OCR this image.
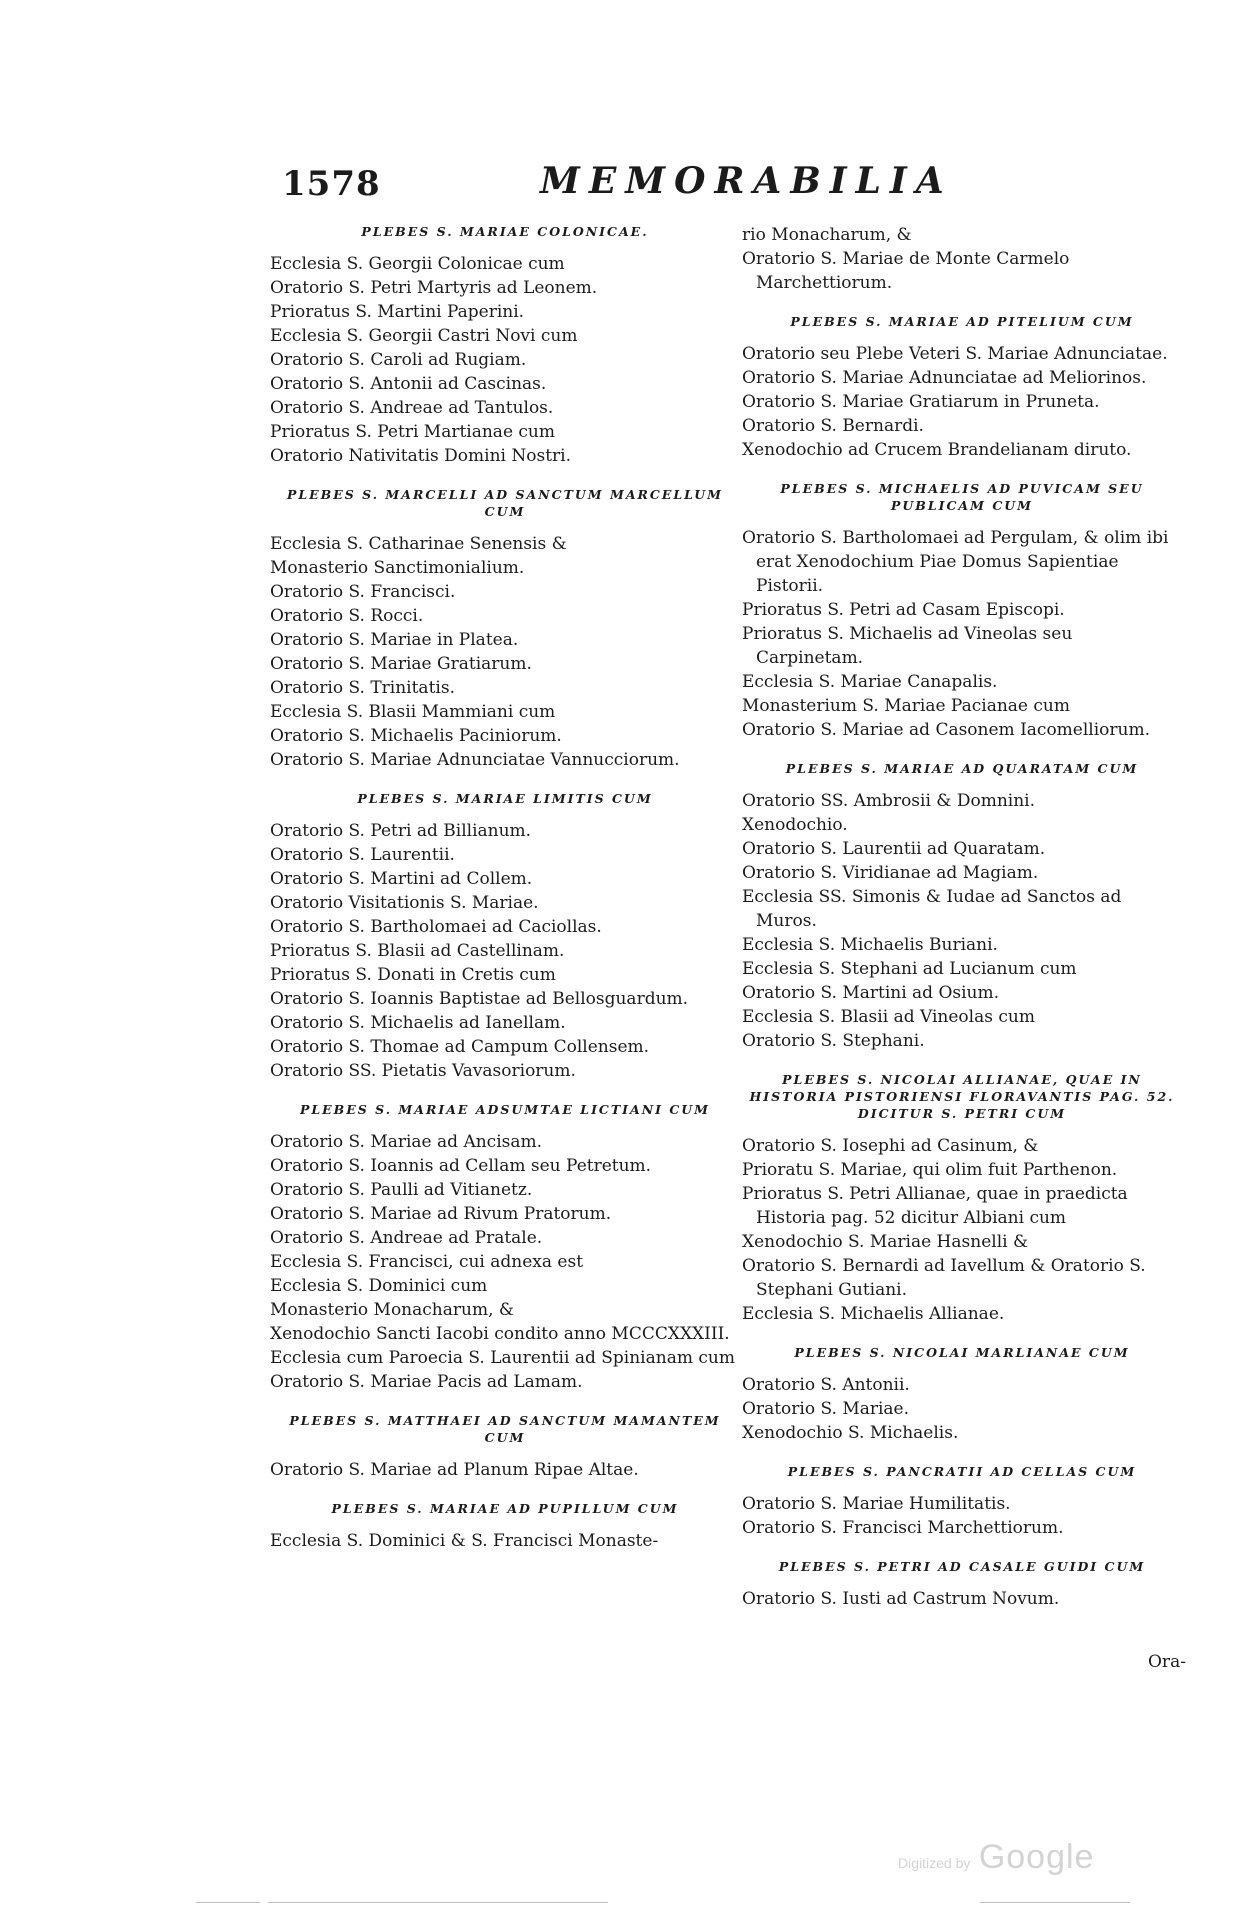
1578	MEMORABILIA
PLEBES S. MARIAE COLONICAE.
Ecclesia S. Georgii Colonicae cum
Oratorio S. Petri Martyris ad Leonem.
Prioratus S. Martini Paperini.
Ecclesia S. Georgii Castri Novi cum
Oratorio S. Caroli ad Rugiam.
Oratorio S. Antonii ad Cascinas.
Oratorio S. Andreae ad Tantulos.
Prioratus S. Petri Martianae cum
Oratorio Nativitatis Domini Nostri.
PLEBES S. MARCELLI AD SANCTUM MARCELLUM CUM
Ecclesia S. Catharinae Senensis &
Monasterio Sanctimonialium.
Oratorio S. Francisci.
Oratorio S. Rocci.
Oratorio S. Mariae in Platea.
Oratorio S. Mariae Gratiarum.
Oratorio S. Trinitatis.
Ecclesia S. Blasii Mammiani cum
Oratorio S. Michaelis Paciniorum.
Oratorio S. Mariae Adnunciatae Vannucciorum.
PLEBES S. MARIAE LIMITIS CUM
Oratorio S. Petri ad Billianum.
Oratorio S. Laurentii.
Oratorio S. Martini ad Collem.
Oratorio Visitationis S. Mariae.
Oratorio S. Bartholomaei ad Caciollas.
Prioratus S. Blasii ad Castellinam.
Prioratus S. Donati in Cretis cum
Oratorio S. Ioannis Baptistae ad Bellosguardum.
Oratorio S. Michaelis ad Ianellam.
Oratorio S. Thomae ad Campum Collensem.
Oratorio SS. Pietatis Vavasoriorum.
PLEBES S. MARIAE ADSUMTAE LICTIANI CUM
Oratorio S. Mariae ad Ancisam.
Oratorio S. Ioannis ad Cellam seu Petretum.
Oratorio S. Paulli ad Vitianetz.
Oratorio S. Mariae ad Rivum Pratorum.
Oratorio S. Andreae ad Pratale.
Ecclesia S. Francisci, cui adnexa est
Ecclesia S. Dominici cum
Monasterio Monacharum, &
Xenodochio Sancti Iacobi condito anno MCCCXXXIII.
Ecclesia cum Paroecia S. Laurentii ad Spinianam cum
Oratorio S. Mariae Pacis ad Lamam.
PLEBES S. MATTHAEI AD SANCTUM MAMANTEM CUM
Oratorio S. Mariae ad Planum Ripae Altae.
PLEBES S. MARIAE AD PUPILLUM CUM
Ecclesia S. Dominici & S. Francisci Monaste-
rio Monacharum, &
Oratorio S. Mariae de Monte Carmelo Marchettiorum.
PLEBES S. MARIAE AD PITELIUM CUM
Oratorio seu Plebe Veteri S. Mariae Adnunciatae.
Oratorio S. Mariae Adnunciatae ad Meliorinos.
Oratorio S. Mariae Gratiarum in Pruneta.
Oratorio S. Bernardi.
Xenodochio ad Crucem Brandelianam diruto.
PLEBES S. MICHAELIS AD PUVICAM SEU PUBLICAM CUM
Oratorio S. Bartholomaei ad Pergulam, & olim ibi erat Xenodochium Piae Domus Sapientiae Pistorii.
Prioratus S. Petri ad Casam Episcopi.
Prioratus S. Michaelis ad Vineolas seu Carpinetam.
Ecclesia S. Mariae Canapalis.
Monasterium S. Mariae Pacianae cum
Oratorio S. Mariae ad Casonem Iacomelliorum.
PLEBES S. MARIAE AD QUARATAM CUM
Oratorio SS. Ambrosii & Domnini.
Xenodochio.
Oratorio S. Laurentii ad Quaratam.
Oratorio S. Viridianae ad Magiam.
Ecclesia SS. Simonis & Iudae ad Sanctos ad Muros.
Ecclesia S. Michaelis Buriani.
Ecclesia S. Stephani ad Lucianum cum
Oratorio S. Martini ad Osium.
Ecclesia S. Blasii ad Vineolas cum
Oratorio S. Stephani.
PLEBES S. NICOLAI ALLIANAE, QUAE IN HISTORIA PISTORIENSI FLORAVANTIS PAG. 52. DICITUR S. PETRI CUM
Oratorio S. Iosephi ad Casinum, &
Prioratu S. Mariae, qui olim fuit Parthenon.
Prioratus S. Petri Allianae, quae in praedicta Historia pag. 52 dicitur Albiani cum
Xenodochio S. Mariae Hasnelli &
Oratorio S. Bernardi ad Iavellum & Oratorio S. Stephani Gutiani.
Ecclesia S. Michaelis Allianae.
PLEBES S. NICOLAI MARLIANAE CUM
Oratorio S. Antonii.
Oratorio S. Mariae.
Xenodochio S. Michaelis.
PLEBES S. PANCRATII AD CELLAS CUM
Oratorio S. Mariae Humilitatis.
Oratorio S. Francisci Marchettiorum.
PLEBES S. PETRI AD CASALE GUIDI CUM
Oratorio S. Iusti ad Castrum Novum.
Ora-
Digitized by Google
